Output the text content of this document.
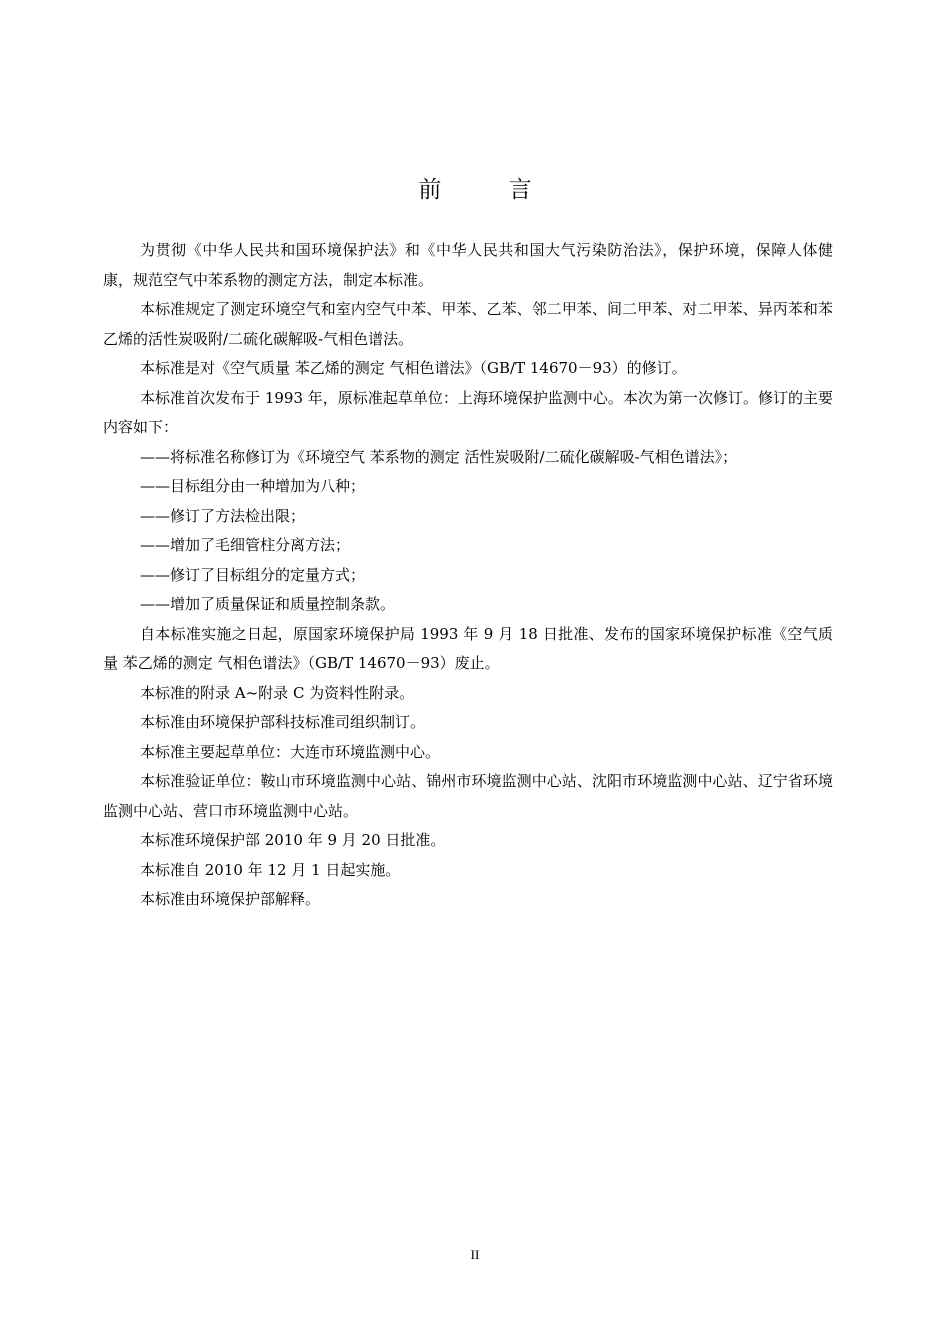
前 言

为贯彻《中华人民共和国环境保护法》和《中华人民共和国大气污染防治法》，保护环境，保障人体健康，规范空气中苯系物的测定方法，制定本标准。

本标准规定了测定环境空气和室内空气中苯、甲苯、乙苯、邻二甲苯、间二甲苯、对二甲苯、异丙苯和苯乙烯的活性炭吸附/二硫化碳解吸-气相色谱法。

本标准是对《空气质量 苯乙烯的测定 气相色谱法》（GB/T 14670－93）的修订。

本标准首次发布于 1993 年，原标准起草单位：上海环境保护监测中心。本次为第一次修订。修订的主要内容如下：

——将标准名称修订为《环境空气 苯系物的测定 活性炭吸附/二硫化碳解吸-气相色谱法》；

——目标组分由一种增加为八种；

——修订了方法检出限；

——增加了毛细管柱分离方法；

——修订了目标组分的定量方式；

——增加了质量保证和质量控制条款。

自本标准实施之日起，原国家环境保护局 1993 年 9 月 18 日批准、发布的国家环境保护标准《空气质量 苯乙烯的测定 气相色谱法》（GB/T 14670－93）废止。

本标准的附录 A~附录 C 为资料性附录。

本标准由环境保护部科技标准司组织制订。

本标准主要起草单位：大连市环境监测中心。

本标准验证单位：鞍山市环境监测中心站、锦州市环境监测中心站、沈阳市环境监测中心站、辽宁省环境监测中心站、营口市环境监测中心站。

本标准环境保护部 2010 年 9 月 20 日批准。

本标准自 2010 年 12 月 1 日起实施。

本标准由环境保护部解释。

II
